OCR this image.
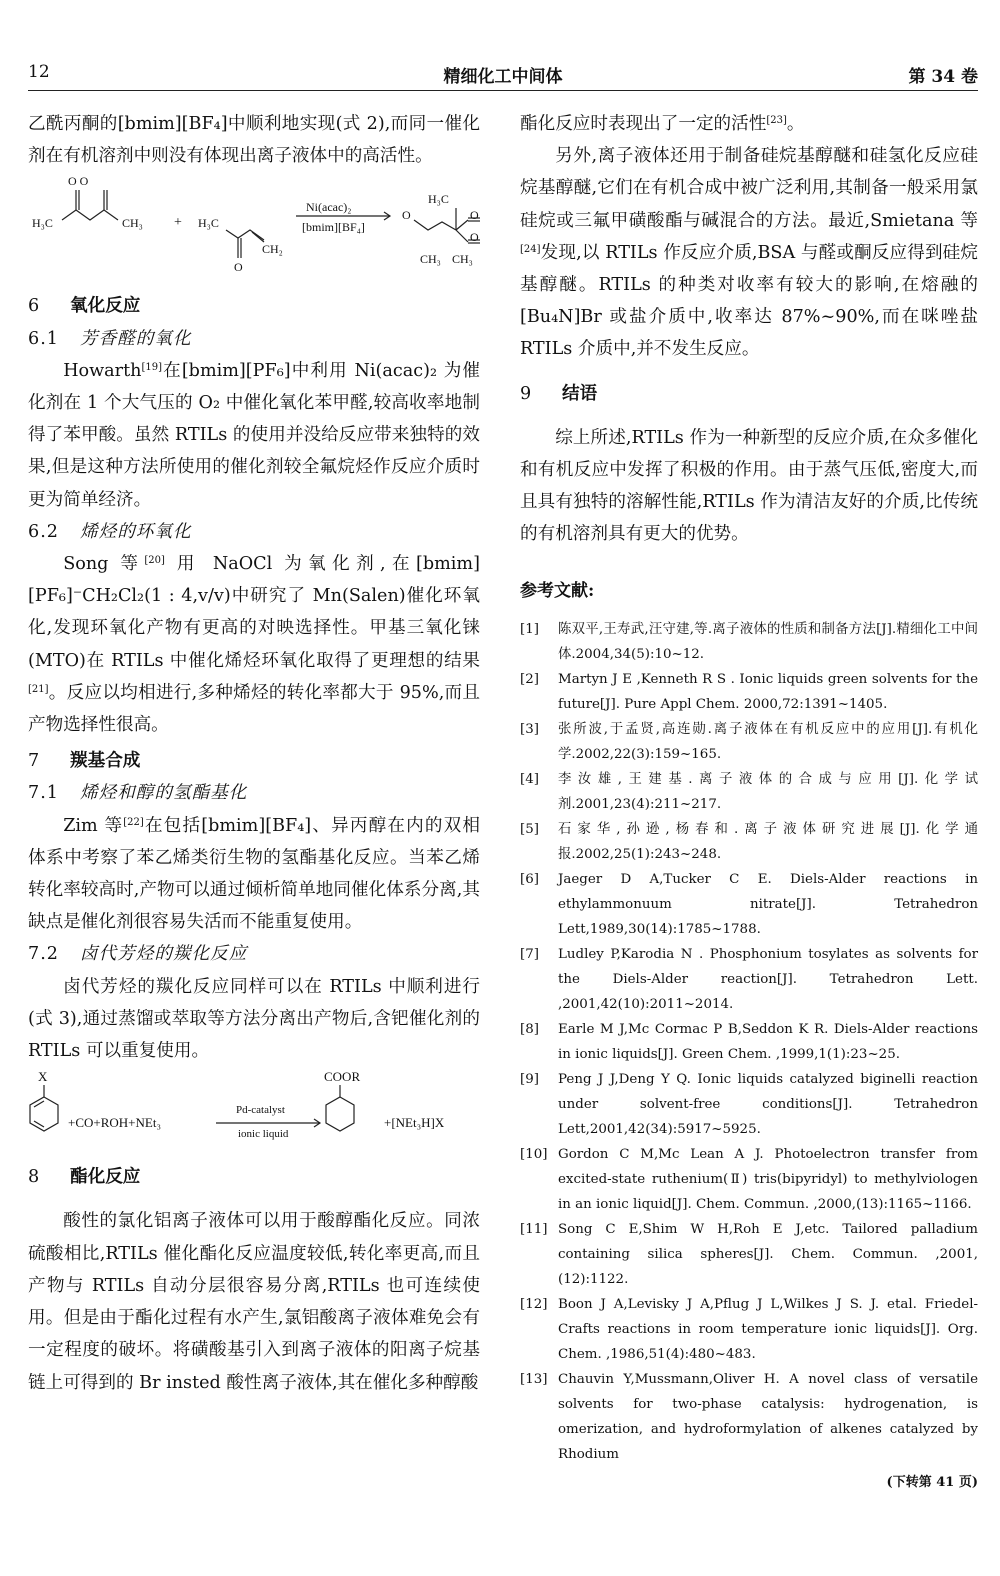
12	精细化工中间体	第 34 卷

乙酰丙酮的[bmim][BF₄]中顺利地实现(式 2),而同一催化剂在有机溶剂中则没有体现出离子液体中的高活性。

O O
H₃C	CH₃ + H₃C
CH₂
O
Ni(acac)₂
[bmim][BF₄]
O
H₃C
O
O
CH₃ CH₃

6 氧化反应

6.1 芳香醛的氧化

Howarth[19]在[bmim][PF₆]中利用 Ni(acac)₂ 为催化剂在 1 个大气压的 O₂ 中催化氧化苯甲醛,较高收率地制得了苯甲酸。虽然 RTILs 的使用并没给反应带来独特的效果,但是这种方法所使用的催化剂较全氟烷烃作反应介质时更为简单经济。

6.2 烯烃的环氧化

Song 等[20] 用 NaOCl 为氧化剂,在[bmim][PF₆]⁻CH₂Cl₂(1 : 4,v/v)中研究了 Mn(Salen)催化环氧化,发现环氧化产物有更高的对映选择性。甲基三氧化铼(MTO)在 RTILs 中催化烯烃环氧化取得了更理想的结果[21]。反应以均相进行,多种烯烃的转化率都大于 95%,而且产物选择性很高。

7 羰基合成

7.1 烯烃和醇的氢酯基化

Zim 等[22]在包括[bmim][BF₄]、异丙醇在内的双相体系中考察了苯乙烯类衍生物的氢酯基化反应。当苯乙烯转化率较高时,产物可以通过倾析简单地同催化体系分离,其缺点是催化剂很容易失活而不能重复使用。

7.2 卤代芳烃的羰化反应

卤代芳烃的羰化反应同样可以在 RTILs 中顺利进行(式 3),通过蒸馏或萃取等方法分离出产物后,含钯催化剂的 RTILs 可以重复使用。

X
+CO+ROH+NEt₃
Pd-catalyst
ionic liquid
COOR
+[NEt₃H]X

8 酯化反应

酸性的氯化铝离子液体可以用于酸醇酯化反应。同浓硫酸相比,RTILs 催化酯化反应温度较低,转化率更高,而且产物与 RTILs 自动分层很容易分离,RTILs 也可连续使用。但是由于酯化过程有水产生,氯铝酸离子液体难免会有一定程度的破坏。将磺酸基引入到离子液体的阳离子烷基链上可得到的 Br insted 酸性离子液体,其在催化多种醇酸

酯化反应时表现出了一定的活性[23]。

另外,离子液体还用于制备硅烷基醇醚和硅氢化反应硅烷基醇醚,它们在有机合成中被广泛利用,其制备一般采用氯硅烷或三氟甲磺酸酯与碱混合的方法。最近,Smietana 等[24]发现,以 RTILs 作反应介质,BSA 与醛或酮反应得到硅烷基醇醚。RTILs 的种类对收率有较大的影响,在熔融的[Bu₄N]Br 或盐介质中,收率达 87%~90%,而在咪唑盐 RTILs 介质中,并不发生反应。

9 结语

综上所述,RTILs 作为一种新型的反应介质,在众多催化和有机反应中发挥了积极的作用。由于蒸气压低,密度大,而且具有独特的溶解性能,RTILs 作为清洁友好的介质,比传统的有机溶剂具有更大的优势。

参考文献:

[1]	陈双平,王寿武,汪守建,等.离子液体的性质和制备方法[J].精细化工中间体.2004,34(5):10~12.
[2]	Martyn J E ,Kenneth R S . Ionic liquids green solvents for the future[J]. Pure Appl Chem. 2000,72:1391~1405.
[3]	张所波,于孟贤,高连勋.离子液体在有机反应中的应用[J].有机化学.2002,22(3):159~165.
[4]	李汝雄,王建基.离子液体的合成与应用[J].化学试剂.2001,23(4):211~217.
[5]	石家华,孙逊,杨春和.离子液体研究进展[J].化学通报.2002,25(1):243~248.
[6]	Jaeger D A,Tucker C E. Diels-Alder reactions in ethylammonuum nitrate[J]. Tetrahedron Lett,1989,30(14):1785~1788.
[7]	Ludley P,Karodia N . Phosphonium tosylates as solvents for the Diels-Alder reaction[J]. Tetrahedron Lett. ,2001,42(10):2011~2014.
[8]	Earle M J,Mc Cormac P B,Seddon K R. Diels-Alder reactions in ionic liquids[J]. Green Chem. ,1999,1(1):23~25.
[9]	Peng J J,Deng Y Q. Ionic liquids catalyzed biginelli reaction under solvent-free conditions[J]. Tetrahedron Lett,2001,42(34):5917~5925.
[10] Gordon C M,Mc Lean A J. Photoelectron transfer from excited-state ruthenium(Ⅱ) tris(bipyridyl) to methylviologen in an ionic liquid[J]. Chem. Commun. ,2000,(13):1165~1166.
[11] Song C E,Shim W H,Roh E J,etc. Tailored palladium containing silica spheres[J]. Chem. Commun. ,2001,(12):1122.
[12] Boon J A,Levisky J A,Pflug J L,Wilkes J S. J. etal. Friedel-Crafts reactions in room temperature ionic liquids[J]. Org. Chem. ,1986,51(4):480~483.
[13] Chauvin Y,Mussmann,Oliver H. A novel class of versatile solvents for two-phase catalysis: hydrogenation, is omerization, and hydroformylation of alkenes catalyzed by Rhodium

(下转第 41 页)
